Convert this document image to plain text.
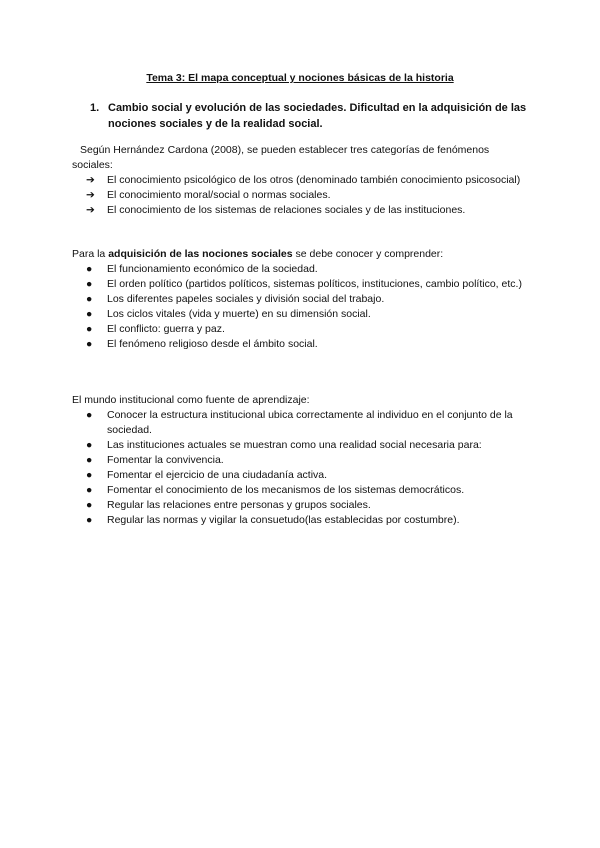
Tema 3: El mapa conceptual y nociones básicas de la historia
1. Cambio social y evolución de las sociedades. Dificultad en la adquisición de las nociones sociales y de la realidad social.
Según Hernández Cardona (2008), se pueden establecer tres categorías de fenómenos sociales:
➔ El conocimiento psicológico de los otros (denominado también conocimiento psicosocial)
➔ El conocimiento moral/social o normas sociales.
➔ El conocimiento de los sistemas de relaciones sociales y de las instituciones.
Para la adquisición de las nociones sociales se debe conocer y comprender:
● El funcionamiento económico de la sociedad.
● El orden político (partidos políticos, sistemas políticos, instituciones, cambio político, etc.)
● Los diferentes papeles sociales y división social del trabajo.
● Los ciclos vitales (vida y muerte) en su dimensión social.
● El conflicto: guerra y paz.
● El fenómeno religioso desde el ámbito social.
El mundo institucional como fuente de aprendizaje:
● Conocer la estructura institucional ubica correctamente al individuo en el conjunto de la sociedad.
● Las instituciones actuales se muestran como una realidad social necesaria para:
● Fomentar la convivencia.
● Fomentar el ejercicio de una ciudadanía activa.
● Fomentar el conocimiento de los mecanismos de los sistemas democráticos.
● Regular las relaciones entre personas y grupos sociales.
● Regular las normas y vigilar la consuetudo(las establecidas por costumbre).
